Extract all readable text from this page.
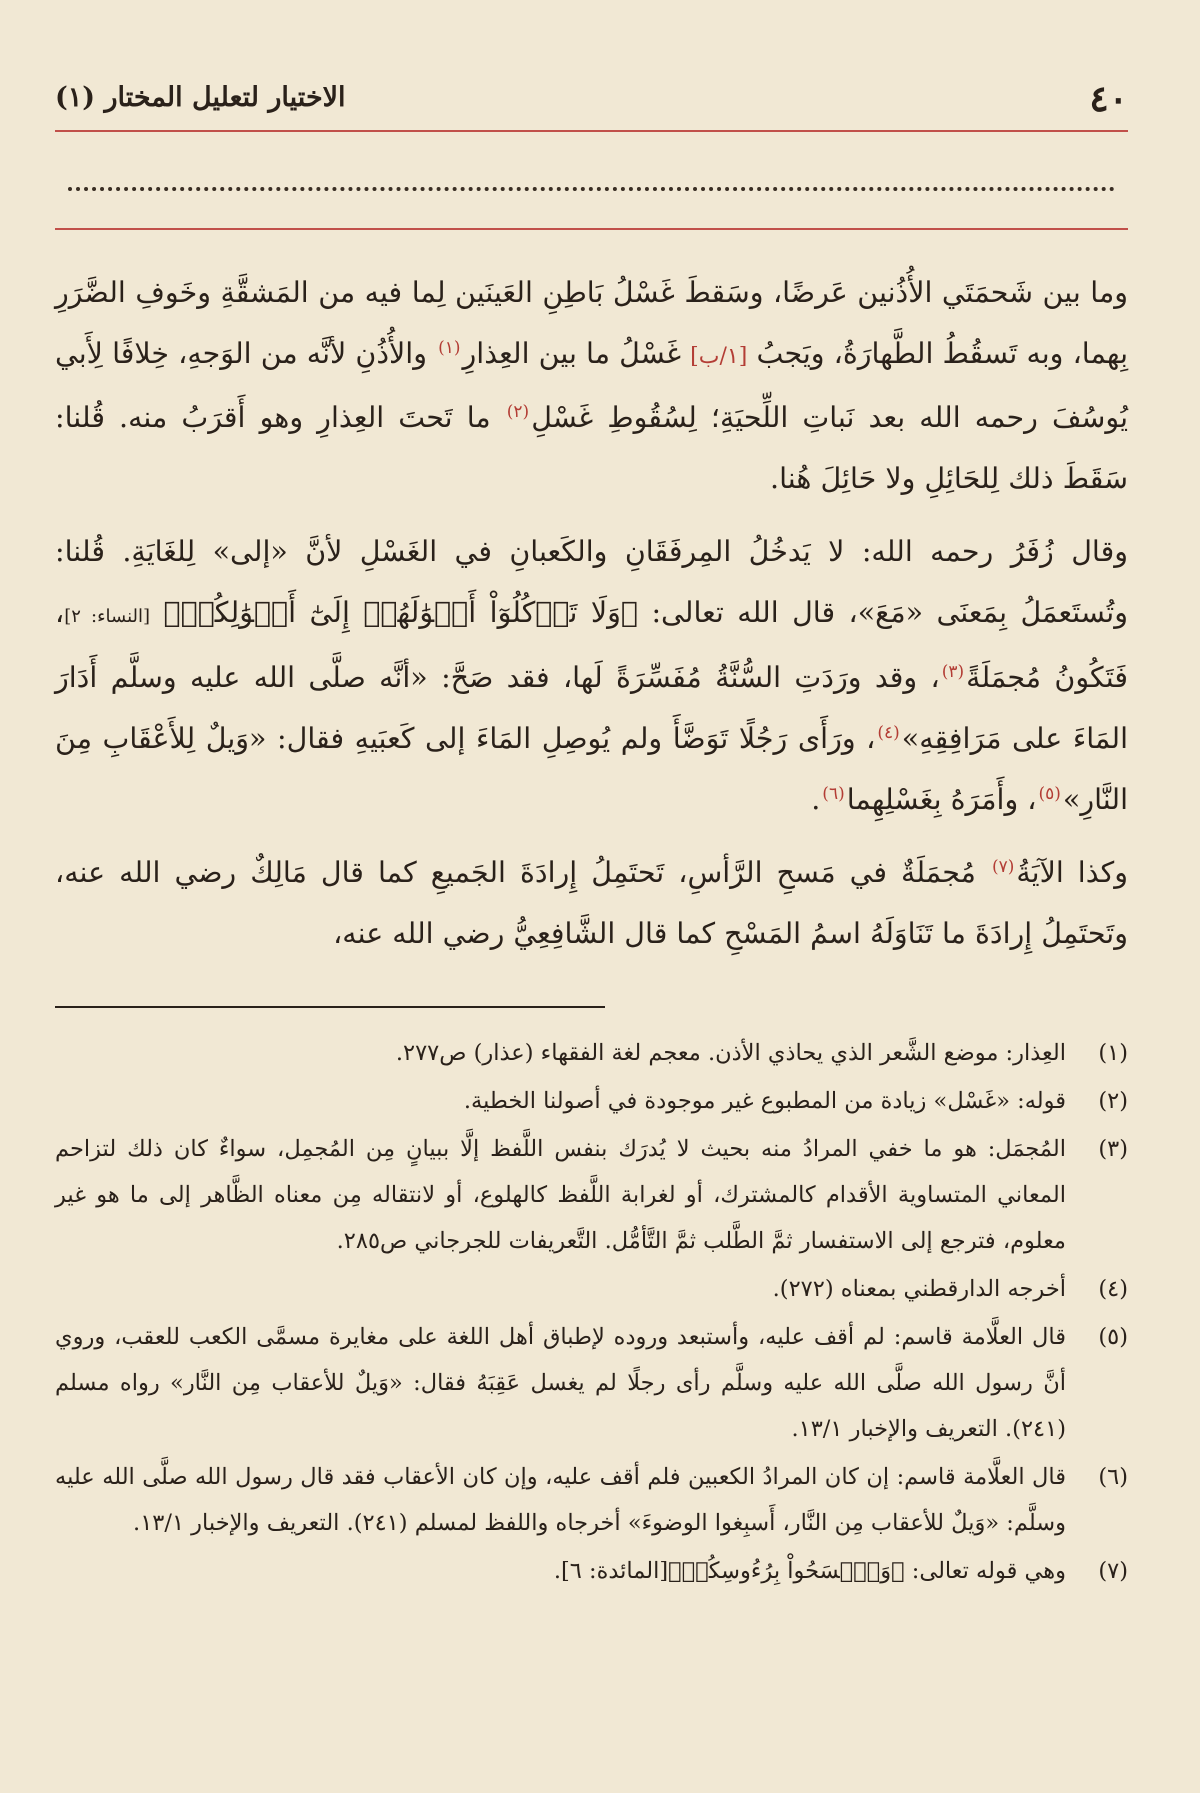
٤٠
الاختيار لتعليل المختار (١)

وما بين شَحمَتَي الأُذُنين عَرضًا، وسَقطَ غَسْلُ بَاطِنِ العَينَين لِما فيه من المَشقَّةِ وخَوفِ الضَّرَرِ بِهما، وبه تَسقُطُ الطَّهارَةُ، ويَجبُ [١/ب] غَسْلُ ما بين العِذارِ$^{(١)}$ والأُذُنِ لأنَّه من الوَجهِ، خِلافًا لِأَبي يُوسُفَ رحمه الله بعد نَباتِ اللِّحيَةِ؛ لِسُقُوطِ غَسْلِ$^{(٢)}$ ما تَحتَ العِذارِ وهو أَقرَبُ منه. قُلنا: سَقَطَ ذلك لِلحَائِلِ ولا حَائِلَ هُنا.

وقال زُفَرُ رحمه الله: لا يَدخُلُ المِرفَقَانِ والكَعبانِ في الغَسْلِ لأنَّ «إلى» لِلغَايَةِ. قُلنا: وتُستَعمَلُ بِمَعنَى «مَعَ»، قال الله تعالى: ﴿وَلَا تَأۡكُلُوٓاْ أَمۡوَٰلَهُمۡ إِلَىٰٓ أَمۡوَٰلِكُمۡ﴾ [النساء: ٢]، فَتَكُونُ مُجمَلَةً$^{(٣)}$، وقد ورَدَتِ السُّنَّةُ مُفَسِّرَةً لَها، فقد صَحَّ: «أنَّه صلَّى الله عليه وسلَّم أَدَارَ المَاءَ على مَرَافِقِهِ»$^{(٤)}$، ورَأَى رَجُلًا تَوَضَّأَ ولم يُوصِلِ المَاءَ إلى كَعبَيهِ فقال: «وَيلٌ لِلأَعْقَابِ مِنَ النَّارِ»$^{(٥)}$، وأَمَرَهُ بِغَسْلِهِما$^{(٦)}$.

وكذا الآيَةُ$^{(٧)}$ مُجمَلَةٌ في مَسحِ الرَّأسِ، تَحتَمِلُ إِرادَةَ الجَميعِ كما قال مَالِكٌ رضي الله عنه، وتَحتَمِلُ إِرادَةَ ما تَنَاوَلَهُ اسمُ المَسْحِ كما قال الشَّافِعِيُّ رضي الله عنه،

(١)
العِذار: موضع الشَّعر الذي يحاذي الأذن. معجم لغة الفقهاء (عذار) ص٢٧٧.
(٢)
قوله: «غَسْل» زيادة من المطبوع غير موجودة في أصولنا الخطية.
(٣)
المُجمَل: هو ما خفي المرادُ منه بحيث لا يُدرَك بنفس اللَّفظ إلَّا ببيانٍ مِن المُجمِل، سواءٌ كان ذلك لتزاحم المعاني المتساوية الأقدام كالمشترك، أو لغرابة اللَّفظ كالهلوع، أو لانتقاله مِن معناه الظَّاهر إلى ما هو غير معلوم، فترجع إلى الاستفسار ثمَّ الطَّلب ثمَّ التَّأمُّل. التَّعريفات للجرجاني ص٢٨٥.
(٤)
أخرجه الدارقطني بمعناه (٢٧٢).
(٥)
قال العلَّامة قاسم: لم أقف عليه، وأستبعد وروده لإطباق أهل اللغة على مغايرة مسمَّى الكعب للعقب، وروي أنَّ رسول الله صلَّى الله عليه وسلَّم رأى رجلًا لم يغسل عَقِبَهُ فقال: «وَيلٌ للأعقاب مِن النَّار» رواه مسلم (٢٤١). التعريف والإخبار ١٣/١.
(٦)
قال العلَّامة قاسم: إن كان المرادُ الكعبين فلم أقف عليه، وإن كان الأعقاب فقد قال رسول الله صلَّى الله عليه وسلَّم: «وَيلٌ للأعقاب مِن النَّار، أَسبِغوا الوضوءَ» أخرجاه واللفظ لمسلم (٢٤١). التعريف والإخبار ١٣/١.
(٧)
وهي قوله تعالى: ﴿وَٱمۡسَحُواْ بِرُءُوسِكُمۡ﴾[المائدة: ٦].
